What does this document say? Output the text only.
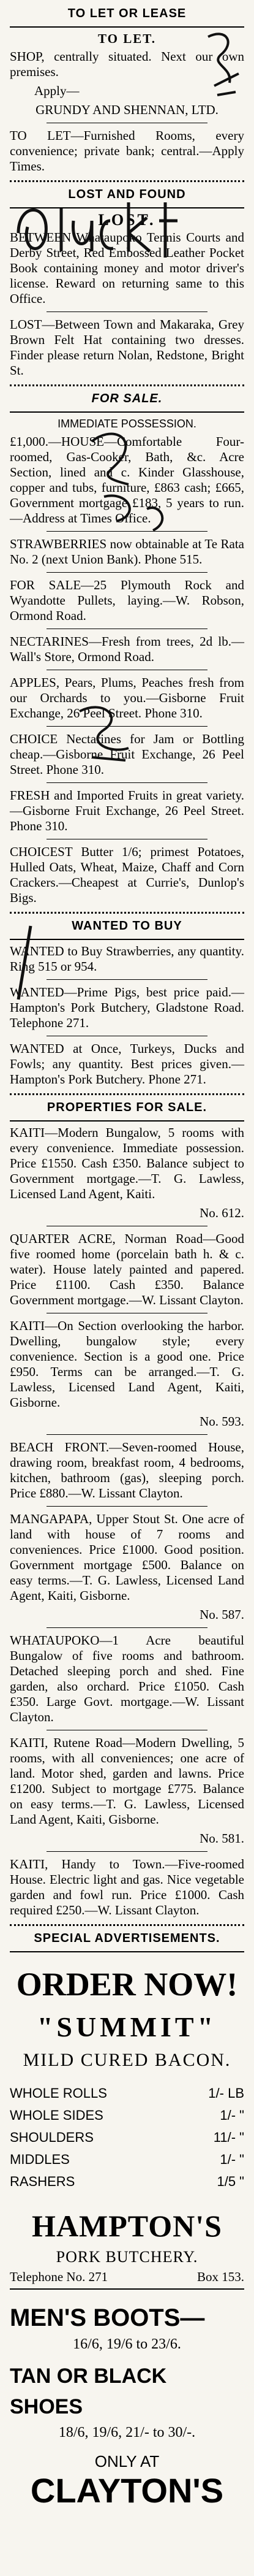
TO LET OR LEASE
TO LET.

SHOP, centrally situated. Next our own premises.

Apply—

GRUNDY AND SHENNAN, LTD.

TO LET—Furnished Rooms, every convenience; private bank; central.—Apply Times.

LOST AND FOUND
LOST.

BETWEEN Whataupoko Tennis Courts and Derby Street, Red Embossed Leather Pocket Book containing money and motor driver's license. Reward on returning same to this Office.

LOST—Between Town and Makaraka, Grey Brown Felt Hat containing two dresses. Finder please return Nolan, Redstone, Bright St.

FOR SALE.
IMMEDIATE POSSESSION.

£1,000.—HOUSE—Comfortable Four-roomed, Gas-Cooker, Bath, &c. Acre Section, lined and c. Kinder Glasshouse, copper and tubs, furniture, £863 cash; £665, Government mortgage £183, 5 years to run.—Address at Times Office.

STRAWBERRIES now obtainable at Te Rata No. 2 (next Union Bank). Phone 515.

FOR SALE—25 Plymouth Rock and Wyandotte Pullets, laying.—W. Robson, Ormond Road.

NECTARINES—Fresh from trees, 2d lb.—Wall's Store, Ormond Road.

APPLES, Pears, Plums, Peaches fresh from our Orchards to you.—Gisborne Fruit Exchange, 26 Peel Street. Phone 310.

CHOICE Nectarines for Jam or Bottling cheap.—Gisborne Fruit Exchange, 26 Peel Street. Phone 310.

FRESH and Imported Fruits in great variety.—Gisborne Fruit Exchange, 26 Peel Street. Phone 310.

CHOICEST Butter 1/6; primest Potatoes, Hulled Oats, Wheat, Maize, Chaff and Corn Crackers.—Cheapest at Currie's, Dunlop's Bigs.

WANTED TO BUY

WANTED to Buy Strawberries, any quantity. Ring 515 or 954.

WANTED—Prime Pigs, best price paid.—Hampton's Pork Butchery, Gladstone Road. Telephone 271.

WANTED at Once, Turkeys, Ducks and Fowls; any quantity. Best prices given.—Hampton's Pork Butchery. Phone 271.

PROPERTIES FOR SALE.

KAITI—Modern Bungalow, 5 rooms with every convenience. Immediate possession. Price £1550. Cash £350. Balance subject to Government mortgage.—T. G. Lawless, Licensed Land Agent, Kaiti.

No. 612.

QUARTER ACRE, Norman Road—Good five roomed home (porcelain bath h. & c. water). House lately painted and papered. Price £1100. Cash £350. Balance Government mortgage.—W. Lissant Clayton.

KAITI—On Section overlooking the harbor. Dwelling, bungalow style; every convenience. Section is a good one. Price £950. Terms can be arranged.—T. G. Lawless, Licensed Land Agent, Kaiti, Gisborne.

No. 593.

BEACH FRONT.—Seven-roomed House, drawing room, breakfast room, 4 bedrooms, kitchen, bathroom (gas), sleeping porch. Price £880.—W. Lissant Clayton.

MANGAPAPA, Upper Stout St. One acre of land with house of 7 rooms and conveniences. Price £1000. Good position. Government mortgage £500. Balance on easy terms.—T. G. Lawless, Licensed Land Agent, Kaiti, Gisborne.

No. 587.

WHATAUPOKO—1 Acre beautiful Bungalow of five rooms and bathroom. Detached sleeping porch and shed. Fine garden, also orchard. Price £1050. Cash £350. Large Govt. mortgage.—W. Lissant Clayton.

KAITI, Rutene Road—Modern Dwelling, 5 rooms, with all conveniences; one acre of land. Motor shed, garden and lawns. Price £1200. Subject to mortgage £775. Balance on easy terms.—T. G. Lawless, Licensed Land Agent, Kaiti, Gisborne.

No. 581.

KAITI, Handy to Town.—Five-roomed House. Electric light and gas. Nice vegetable garden and fowl run. Price £1000. Cash required £250.—W. Lissant Clayton.

SPECIAL ADVERTISEMENTS.
ORDER NOW!
"SUMMIT"
MILD CURED BACON.
WHOLE ROLLS	1/- LB
WHOLE SIDES	1/- "
SHOULDERS	11/- "
MIDDLES	1/- "
RASHERS	1/5 "
HAMPTON'S
PORK BUTCHERY.
Telephone No. 271	Box 153.
MEN'S BOOTS—
16/6, 19/6 to 23/6.
TAN OR BLACK SHOES
18/6, 19/6, 21/- to 30/-.
ONLY AT
CLAYTON'S
